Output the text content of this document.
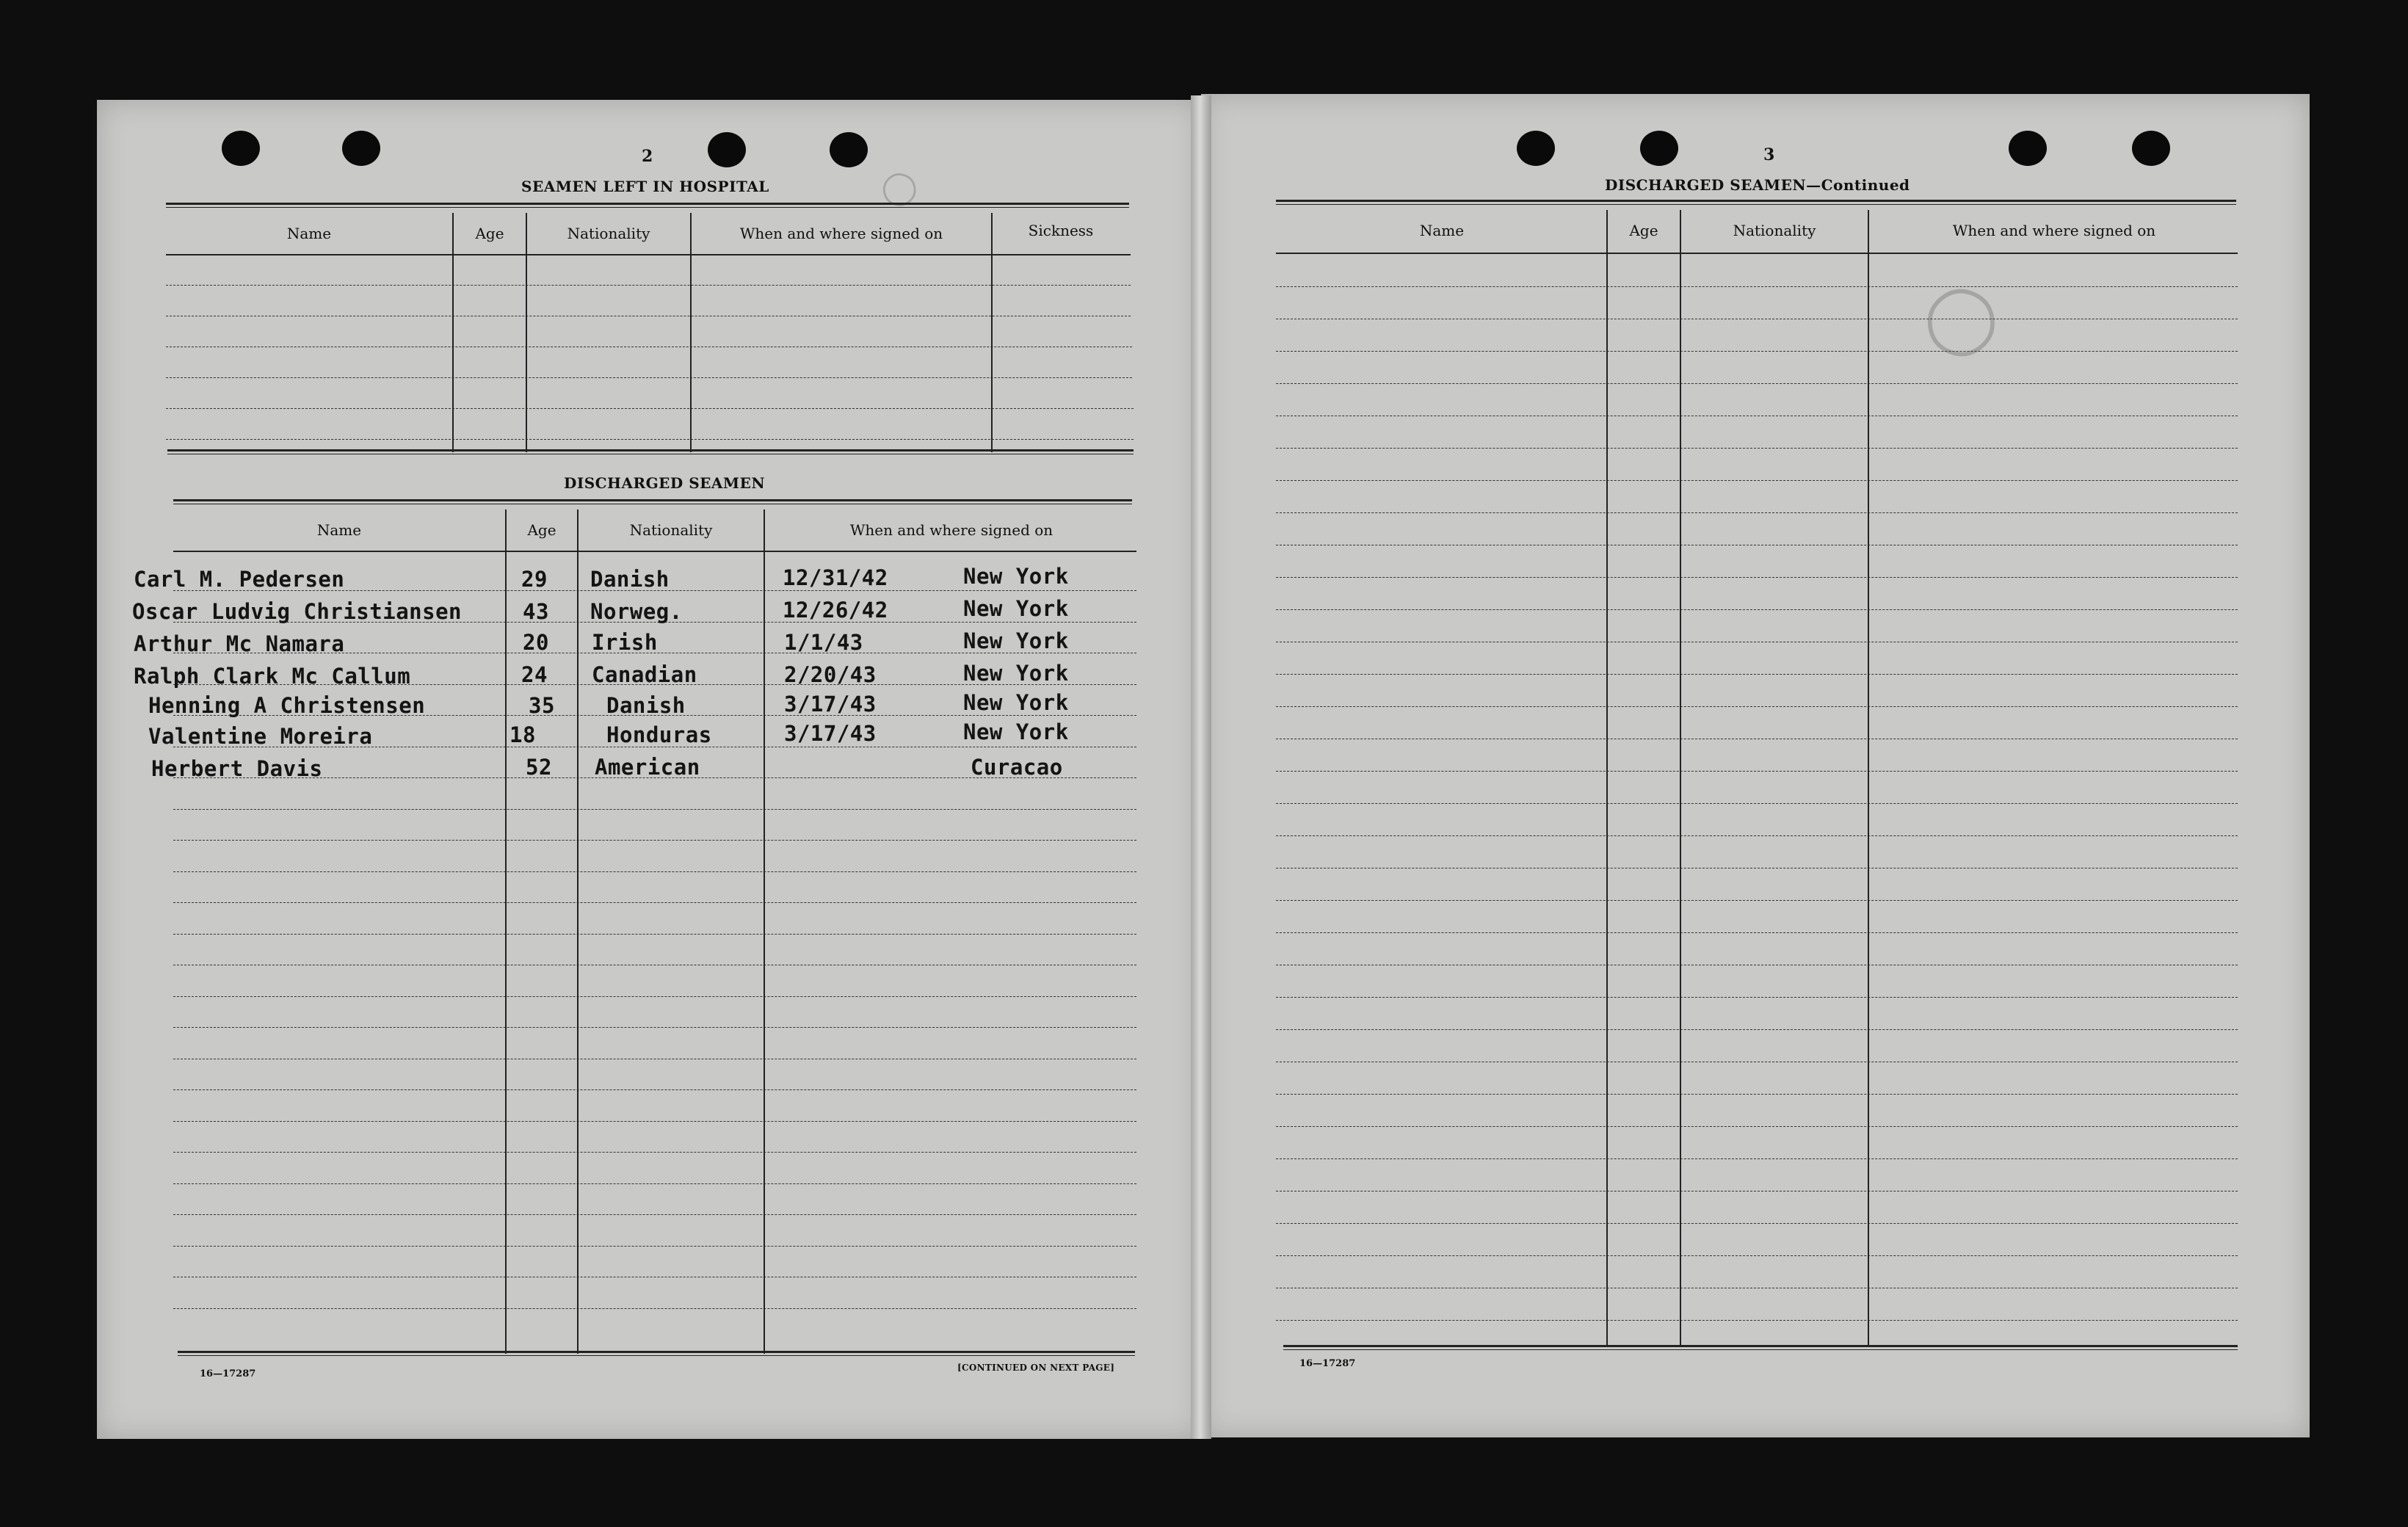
◯
◯
2
SEAMEN LEFT IN HOSPITAL
Name	Age	Nationality	When and where signed on	Sickness
DISCHARGED SEAMEN
Name	Age	Nationality	When and where signed on
Carl M. Pedersen	29 Danish	12/31/42	New York
Oscar Ludvig Christiansen	43 Norweg.	12/26/42	New York
Arthur Mc Namara	20 Irish	1/1/43	New York
Ralph Clark Mc Callum	24 Canadian	2/20/43	New York
Henning A Christensen	35 Danish	3/17/43	New York
Valentine Moreira	18	Honduras	3/17/43	New York
Herbert Davis	52 American	Curacao
16—17287
[CONTINUED ON NEXT PAGE]
3
DISCHARGED SEAMEN—Continued
Name	Age	Nationality	When and where signed on
16—17287
